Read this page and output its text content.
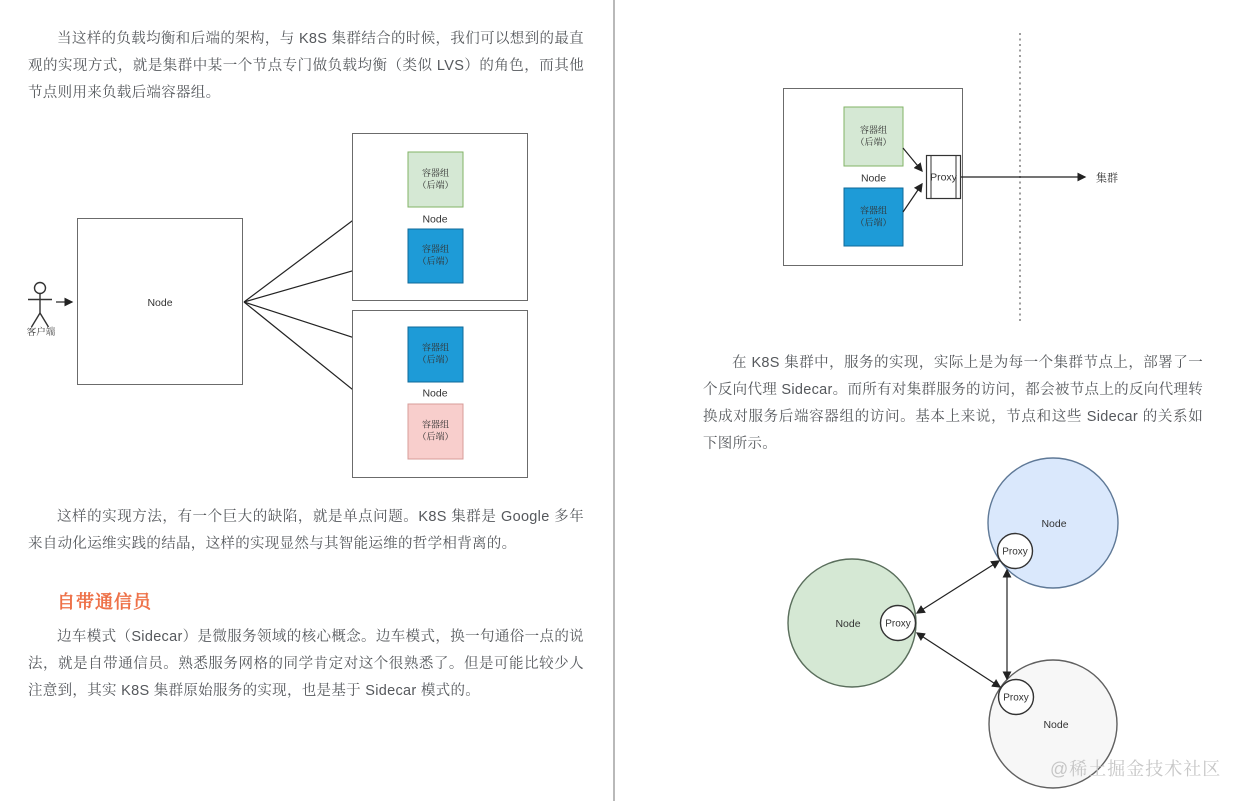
当这样的负载均衡和后端的架构，与 K8S 集群结合的时候，我们可以想到的最直观的实现方式，就是集群中某一个节点专门做负载均衡（类似 LVS）的角色，而其他节点则用来负载后端容器组。
这样的实现方法，有一个巨大的缺陷，就是单点问题。K8S 集群是 Google 多年来自动化运维实践的结晶，这样的实现显然与其智能运维的哲学相背离的。
自带通信员
边车模式（Sidecar）是微服务领域的核心概念。边车模式，换一句通俗一点的说法，就是自带通信员。熟悉服务网格的同学肯定对这个很熟悉了。但是可能比较少人注意到，其实 K8S 集群原始服务的实现，也是基于 Sidecar 模式的。
在 K8S 集群中，服务的实现，实际上是为每一个集群节点上，部署了一个反向代理 Sidecar。而所有对集群服务的访问，都会被节点上的反向代理转换成对服务后端容器组的访问。基本上来说，节点和这些 Sidecar 的关系如下图所示。
客户端
Node
容器组
（后端）
Node
容器组
（后端）
容器组
（后端）
Node
容器组
（后端）
容器组
（后端）
Node
容器组
（后端）
Proxy	集群
Node
Node
Node
Proxy
Proxy
Proxy
@稀土掘金技术社区
